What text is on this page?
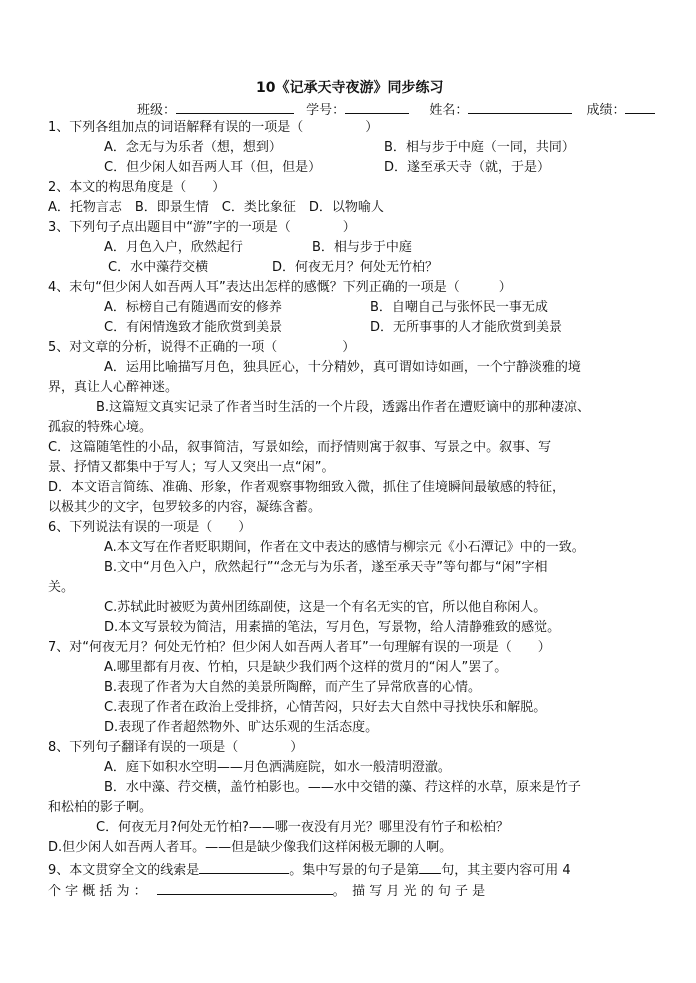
10《记承天寺夜游》同步练习
班级：	学号：	姓名：	成绩：
1、下列各组加点的词语解释有误的一项是（	）
A．念无与为乐者（想，想到）	B．相与步于中庭（一同，共同）
C．但少闲人如吾两人耳（但，但是）	D．遂至承天寺（就，于是）
2、本文的构思角度是（　　）
A．托物言志　B．即景生情　C．类比象征　D．以物喻人
3、下列句子点出题目中“游”字的一项是（　　　　）
A．月色入户，欣然起行	B．相与步于中庭
C．水中藻荇交横	D．何夜无月？何处无竹柏？
4、末句“但少闲人如吾两人耳”表达出怎样的感慨？下列正确的一项是（　　　）
A．标榜自己有随遇而安的修养	B．自嘲自己与张怀民一事无成
C．有闲情逸致才能欣赏到美景	D．无所事事的人才能欣赏到美景
5、对文章的分析，说得不正确的一项（　　　　　）
A．运用比喻描写月色，独具匠心，十分精妙，真可谓如诗如画，一个宁静淡雅的境
界，真让人心醉神迷。
B.这篇短文真实记录了作者当时生活的一个片段，透露出作者在遭贬谪中的那种凄凉、
孤寂的特殊心境。
C．这篇随笔性的小品，叙事简洁，写景如绘，而抒情则寓于叙事、写景之中。叙事、写
景、抒情又都集中于写人；写人又突出一点“闲”。
D．本文语言简练、准确、形象，作者观察事物细致入微，抓住了佳境瞬间最敏感的特征，
以极其少的文字，包罗较多的内容，凝练含蓄。
6、下列说法有误的一项是（　　）
A.本文写在作者贬职期间，作者在文中表达的感情与柳宗元《小石潭记》中的一致。
B.文中“月色入户，欣然起行”“念无与为乐者，遂至承天寺”等句都与“闲”字相
关。
C.苏轼此时被贬为黄州团练副使，这是一个有名无实的官，所以他自称闲人。
D.本文写景较为简洁，用素描的笔法，写月色，写景物，给人清静雅致的感觉。
7、对“何夜无月？何处无竹柏？但少闲人如吾两人者耳”一句理解有误的一项是（　　）
A.哪里都有月夜、竹柏，只是缺少我们两个这样的赏月的“闲人”罢了。
B.表现了作者为大自然的美景所陶醉，而产生了异常欣喜的心情。
C.表现了作者在政治上受排挤，心情苦闷，只好去大自然中寻找快乐和解脱。
D.表现了作者超然物外、旷达乐观的生活态度。
8、下列句子翻译有误的一项是（　　　　）
A．庭下如积水空明——月色洒满庭院，如水一般清明澄澈。
B．水中藻、荇交横，盖竹柏影也。——水中交错的藻、荇这样的水草，原来是竹子
和松柏的影子啊。
C．何夜无月?何处无竹柏?——哪一夜没有月光？哪里没有竹子和松柏？
D.但少闲人如吾两人者耳。——但是缺少像我们这样闲极无聊的人啊。
9、本文贯穿全文的线索是	。集中写景的句子是第 句，其主要内容可用 4
个 字 概 括 为 ：	。　描 写 月 光 的 句 子 是
